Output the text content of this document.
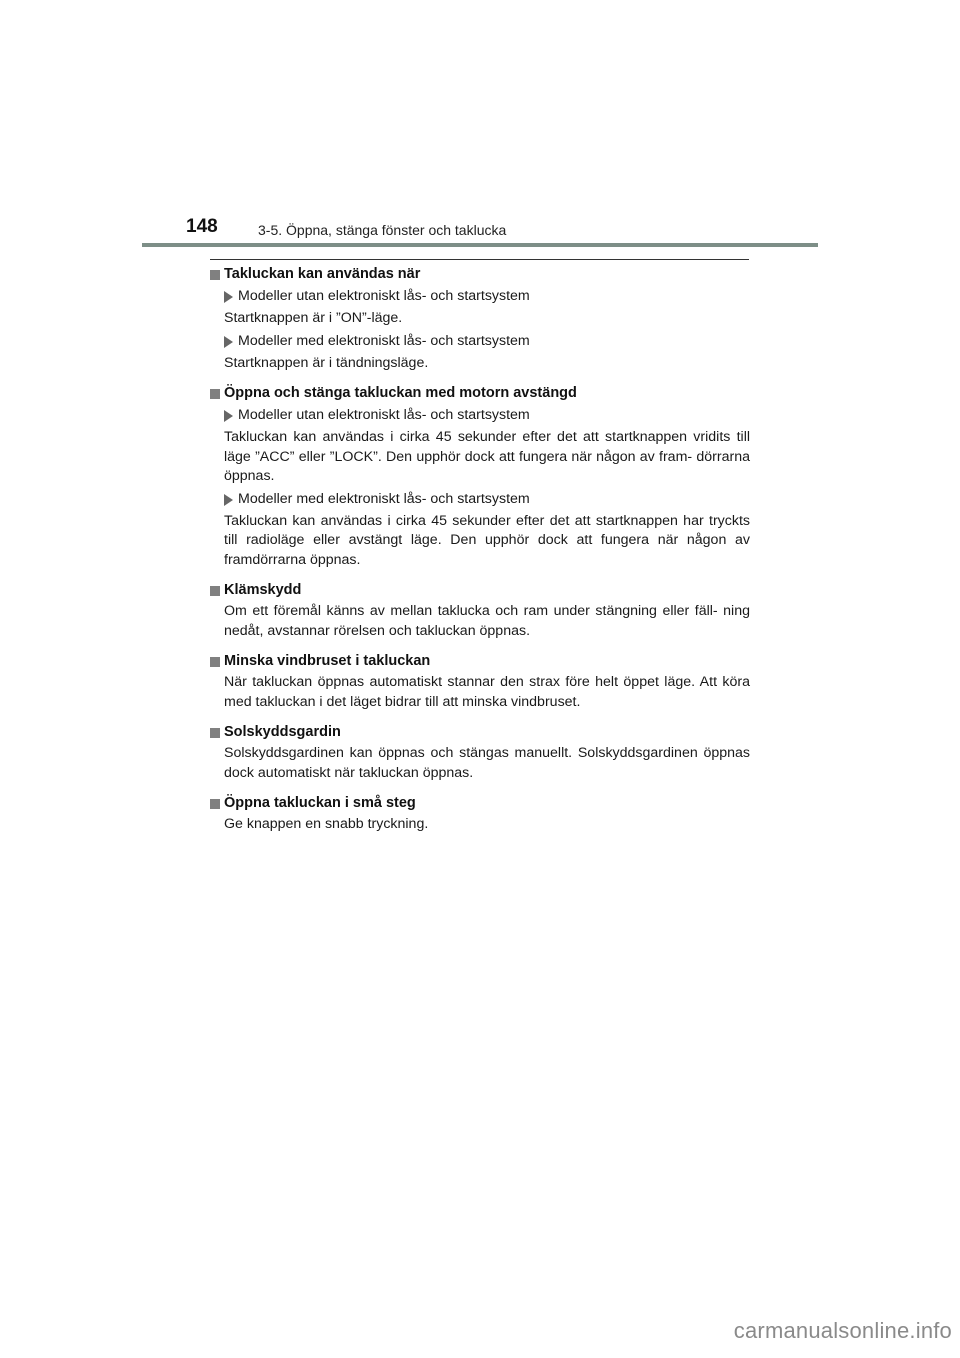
148	3-5. Öppna, stänga fönster och taklucka
Takluckan kan användas när
Modeller utan elektroniskt lås- och startsystem
Startknappen är i ”ON”-läge.
Modeller med elektroniskt lås- och startsystem
Startknappen är i tändningsläge.
Öppna och stänga takluckan med motorn avstängd
Modeller utan elektroniskt lås- och startsystem
Takluckan kan användas i cirka 45 sekunder efter det att startknappen vridits till läge ”ACC” eller ”LOCK”. Den upphör dock att fungera när någon av fram- dörrarna öppnas.
Modeller med elektroniskt lås- och startsystem
Takluckan kan användas i cirka 45 sekunder efter det att startknappen har tryckts till radioläge eller avstängt läge. Den upphör dock att fungera när någon av framdörrarna öppnas.
Klämskydd
Om ett föremål känns av mellan taklucka och ram under stängning eller fäll- ning nedåt, avstannar rörelsen och takluckan öppnas.
Minska vindbruset i takluckan
När takluckan öppnas automatiskt stannar den strax före helt öppet läge. Att köra med takluckan i det läget bidrar till att minska vindbruset.
Solskyddsgardin
Solskyddsgardinen kan öppnas och stängas manuellt. Solskyddsgardinen öppnas dock automatiskt när takluckan öppnas.
Öppna takluckan i små steg
Ge knappen en snabb tryckning.
carmanualsonline.info
